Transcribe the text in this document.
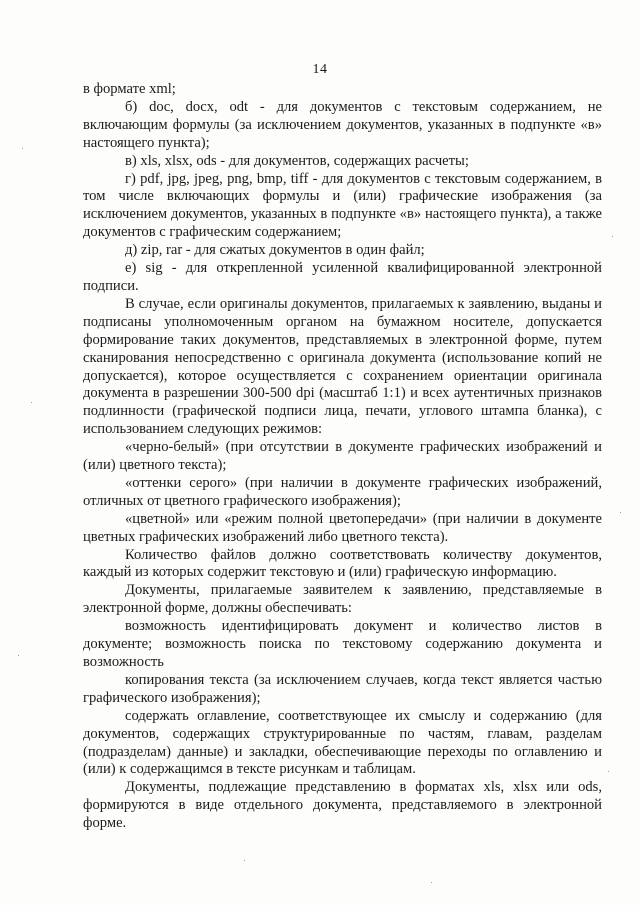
14

в формате xml;

б) doc, docx, odt - для документов с текстовым содержанием, не включающим формулы (за исключением документов, указанных в подпункте «в» настоящего пункта);

в) xls, xlsx, ods - для документов, содержащих расчеты;

г) pdf, jpg, jpeg, png, bmp, tiff - для документов с текстовым содержанием, в том числе включающих формулы и (или) графические изображения (за исключением документов, указанных в подпункте «в» настоящего пункта), а также документов с графическим содержанием;

д) zip, rar - для сжатых документов в один файл;

е) sig - для открепленной усиленной квалифицированной электронной подписи.

В случае, если оригиналы документов, прилагаемых к заявлению, выданы и подписаны уполномоченным органом на бумажном носителе, допускается формирование таких документов, представляемых в электронной форме, путем сканирования непосредственно с оригинала документа (использование копий не допускается), которое осуществляется с сохранением ориентации оригинала документа в разрешении 300-500 dpi (масштаб 1:1) и всех аутентичных признаков подлинности (графической подписи лица, печати, углового штампа бланка), с использованием следующих режимов:

«черно-белый» (при отсутствии в документе графических изображений и (или) цветного текста);

«оттенки серого» (при наличии в документе графических изображений, отличных от цветного графического изображения);

«цветной» или «режим полной цветопередачи» (при наличии в документе цветных графических изображений либо цветного текста).

Количество файлов должно соответствовать количеству документов, каждый из которых содержит текстовую и (или) графическую информацию.

Документы, прилагаемые заявителем к заявлению, представляемые в электронной форме, должны обеспечивать:

возможность идентифицировать документ и количество листов в документе; возможность поиска по текстовому содержанию документа и возможность

копирования текста (за исключением случаев, когда текст является частью графического изображения);

содержать оглавление, соответствующее их смыслу и содержанию (для документов, содержащих структурированные по частям, главам, разделам (подразделам) данные) и закладки, обеспечивающие переходы по оглавлению и (или) к содержащимся в тексте рисункам и таблицам.

Документы, подлежащие представлению в форматах xls, xlsx или ods, формируются в виде отдельного документа, представляемого в электронной форме.
